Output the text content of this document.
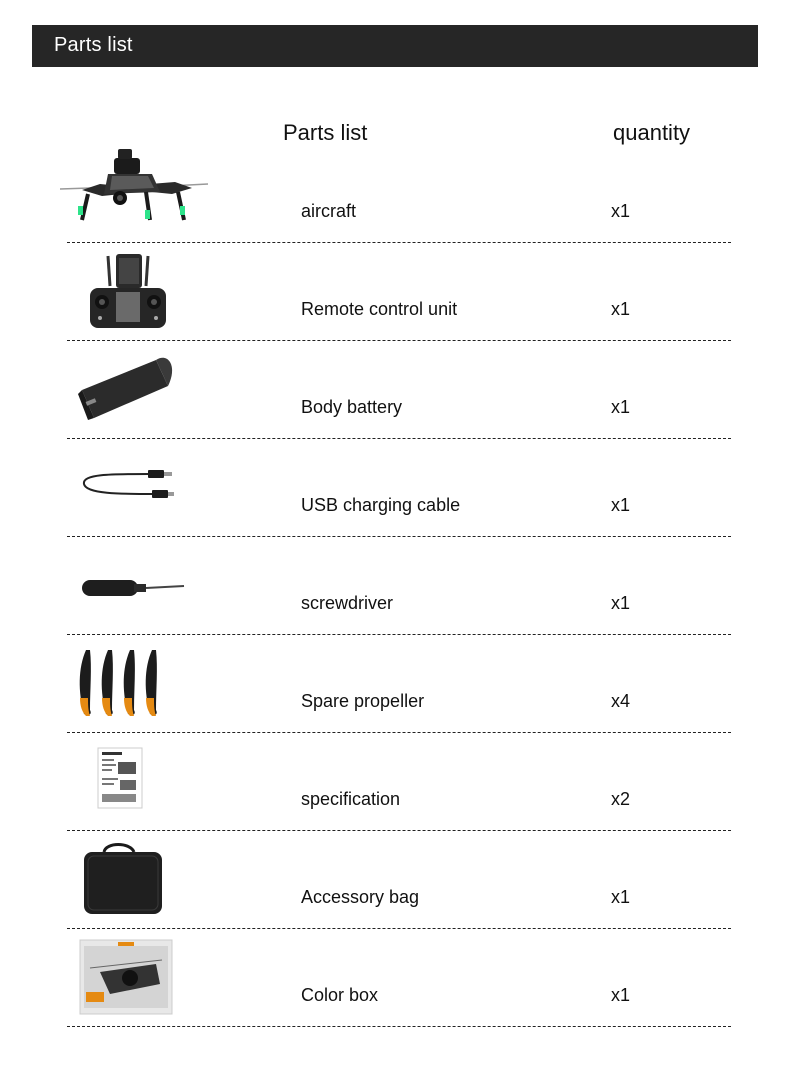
Parts list
Parts list	quantity
aircraft	x1
Remote control unit	x1
Body battery	x1
USB charging cable	x1
screwdriver	x1
Spare propeller	x4
specification	x2
Accessory bag	x1
Color box	x1
